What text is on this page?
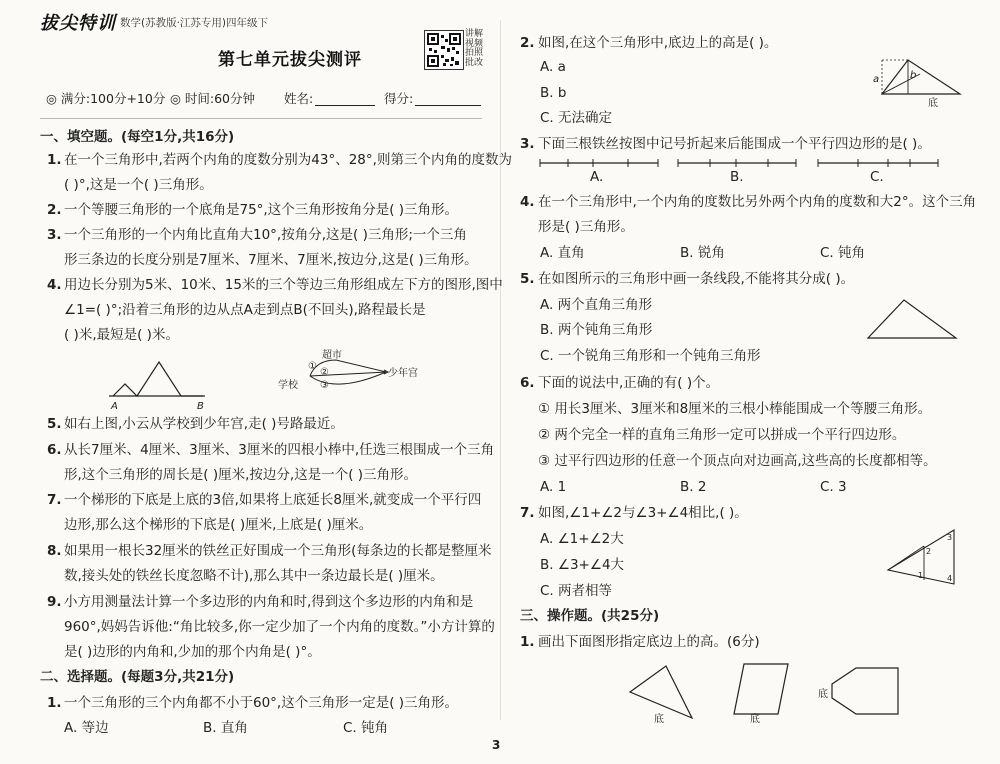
拔尖特训 数学(苏教版·江苏专用)四年级下
第七单元拔尖测评
讲解视频 拍照批改
◎ 满分:100分+10分 ◎ 时间:60分钟 姓名:	得分:
一、填空题。(每空1分,共16分)
1. 在一个三角形中,若两个内角的度数分别为43°、28°,则第三个内角的度数为
( )°,这是一个( )三角形。
2. 一个等腰三角形的一个底角是75°,这个三角形按角分是( )三角形。
3. 一个三角形的一个内角比直角大10°,按角分,这是( )三角形;一个三角
形三条边的长度分别是7厘米、7厘米、7厘米,按边分,这是( )三角形。
4. 用边长分别为5米、10米、15米的三个等边三角形组成左下方的图形,图中
∠1=( )°;沿着三角形的边从点A走到点B(不回头),路程最长是
( )米,最短是( )米。
A	B
超市
学校
少年宫
①
②
③
5. 如右上图,小云从学校到少年宫,走( )号路最近。
6. 从长7厘米、4厘米、3厘米、3厘米的四根小棒中,任选三根围成一个三角
形,这个三角形的周长是( )厘米,按边分,这是一个( )三角形。
7. 一个梯形的下底是上底的3倍,如果将上底延长8厘米,就变成一个平行四
边形,那么这个梯形的下底是( )厘米,上底是( )厘米。
8. 如果用一根长32厘米的铁丝正好围成一个三角形(每条边的长都是整厘米
数,接头处的铁丝长度忽略不计),那么其中一条边最长是( )厘米。
9. 小方用测量法计算一个多边形的内角和时,得到这个多边形的内角和是
960°,妈妈告诉他:“角比较多,你一定少加了一个内角的度数。”小方计算的
是( )边形的内角和,少加的那个内角是( )°。
二、选择题。(每题3分,共21分)
1. 一个三角形的三个内角都不小于60°,这个三角形一定是( )三角形。
A. 等边	B. 直角	C. 钝角
2. 如图,在这个三角形中,底边上的高是( )。
A. a
B. b
C. 无法确定
a	b
底
3. 下面三根铁丝按图中记号折起来后能围成一个平行四边形的是( )。
A.	B.	C.
4. 在一个三角形中,一个内角的度数比另外两个内角的度数和大2°。这个三角
形是( )三角形。
A. 直角	B. 锐角	C. 钝角
5. 在如图所示的三角形中画一条线段,不能将其分成( )。
A. 两个直角三角形
B. 两个钝角三角形
C. 一个锐角三角形和一个钝角三角形
6. 下面的说法中,正确的有( )个。
① 用长3厘米、3厘米和8厘米的三根小棒能围成一个等腰三角形。
② 两个完全一样的直角三角形一定可以拼成一个平行四边形。
③ 过平行四边形的任意一个顶点向对边画高,这些高的长度都相等。
A. 1	B. 2	C. 3
7. 如图,∠1+∠2与∠3+∠4相比,( )。
A. ∠1+∠2大
B. ∠3+∠4大
C. 两者相等
1
2
3
4
三、操作题。(共25分)
1. 画出下面图形指定底边上的高。(6分)
底	底
底
3
